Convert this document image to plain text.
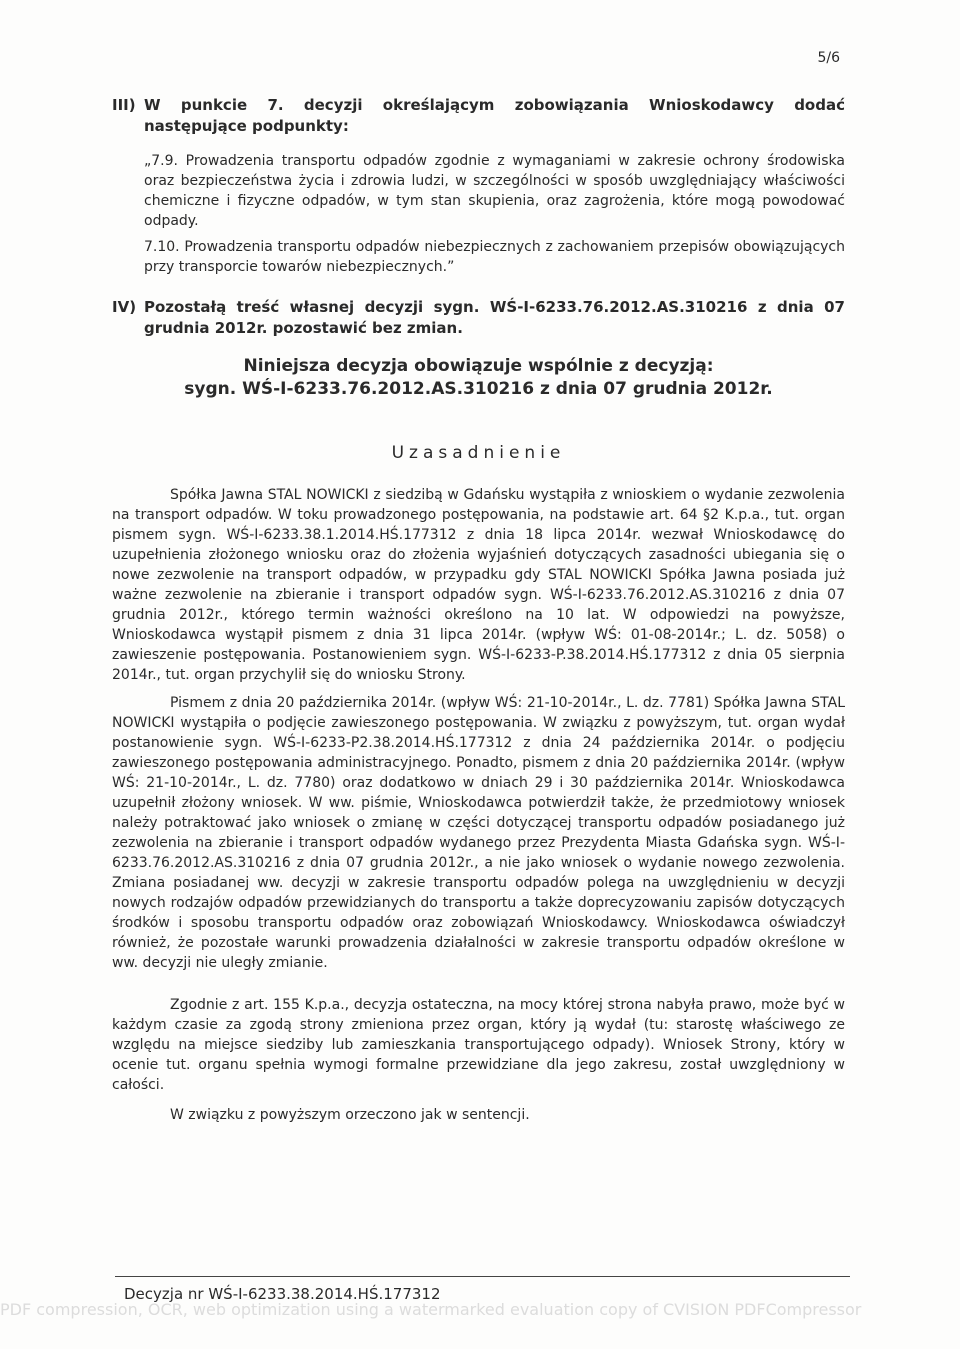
5/6
III) W punkcie 7. decyzji określającym zobowiązania Wnioskodawcy dodać następujące podpunkty:

„7.9. Prowadzenia transportu odpadów zgodnie z wymaganiami w zakresie ochrony środowiska oraz bezpieczeństwa życia i zdrowia ludzi, w szczególności w sposób uwzględniający właściwości chemiczne i fizyczne odpadów, w tym stan skupienia, oraz zagrożenia, które mogą powodować odpady.

7.10. Prowadzenia transportu odpadów niebezpiecznych z zachowaniem przepisów obowiązujących przy transporcie towarów niebezpiecznych.”

IV) Pozostałą treść własnej decyzji sygn. WŚ-I-6233.76.2012.AS.310216 z dnia 07 grudnia 2012r. pozostawić bez zmian.
Niniejsza decyzja obowiązuje wspólnie z decyzją:
sygn. WŚ-I-6233.76.2012.AS.310216 z dnia 07 grudnia 2012r.
Uzasadnienie

Spółka Jawna STAL NOWICKI z siedzibą w Gdańsku wystąpiła z wnioskiem o wydanie zezwolenia na transport odpadów. W toku prowadzonego postępowania, na podstawie art. 64 §2 K.p.a., tut. organ pismem sygn. WŚ-I-6233.38.1.2014.HŚ.177312 z dnia 18 lipca 2014r. wezwał Wnioskodawcę do uzupełnienia złożonego wniosku oraz do złożenia wyjaśnień dotyczących zasadności ubiegania się o nowe zezwolenie na transport odpadów, w przypadku gdy STAL NOWICKI Spółka Jawna posiada już ważne zezwolenie na zbieranie i transport odpadów sygn. WŚ-I-6233.76.2012.AS.310216 z dnia 07 grudnia 2012r., którego termin ważności określono na 10 lat. W odpowiedzi na powyższe, Wnioskodawca wystąpił pismem z dnia 31 lipca 2014r. (wpływ WŚ: 01-08-2014r.; L. dz. 5058) o zawieszenie postępowania. Postanowieniem sygn. WŚ-I-6233-P.38.2014.HŚ.177312 z dnia 05 sierpnia 2014r., tut. organ przychylił się do wniosku Strony.

Pismem z dnia 20 października 2014r. (wpływ WŚ: 21-10-2014r., L. dz. 7781) Spółka Jawna STAL NOWICKI wystąpiła o podjęcie zawieszonego postępowania. W związku z powyższym, tut. organ wydał postanowienie sygn. WŚ-I-6233-P2.38.2014.HŚ.177312 z dnia 24 października 2014r. o podjęciu zawieszonego postępowania administracyjnego. Ponadto, pismem z dnia 20 października 2014r. (wpływ WŚ: 21-10-2014r., L. dz. 7780) oraz dodatkowo w dniach 29 i 30 października 2014r. Wnioskodawca uzupełnił złożony wniosek. W ww. piśmie, Wnioskodawca potwierdził także, że przedmiotowy wniosek należy potraktować jako wniosek o zmianę w części dotyczącej transportu odpadów posiadanego już zezwolenia na zbieranie i transport odpadów wydanego przez Prezydenta Miasta Gdańska sygn. WŚ-I-6233.76.2012.AS.310216 z dnia 07 grudnia 2012r., a nie jako wniosek o wydanie nowego zezwolenia. Zmiana posiadanej ww. decyzji w zakresie transportu odpadów polega na uwzględnieniu w decyzji nowych rodzajów odpadów przewidzianych do transportu a także doprecyzowaniu zapisów dotyczących środków i sposobu transportu odpadów oraz zobowiązań Wnioskodawcy. Wnioskodawca oświadczył również, że pozostałe warunki prowadzenia działalności w zakresie transportu odpadów określone w ww. decyzji nie uległy zmianie.

Zgodnie z art. 155 K.p.a., decyzja ostateczna, na mocy której strona nabyła prawo, może być w każdym czasie za zgodą strony zmieniona przez organ, który ją wydał (tu: starostę właściwego ze względu na miejsce siedziby lub zamieszkania transportującego odpady). Wniosek Strony, który w ocenie tut. organu spełnia wymogi formalne przewidziane dla jego zakresu, został uwzględniony w całości.

W związku z powyższym orzeczono jak w sentencji.

Decyzja nr WŚ-I-6233.38.2014.HŚ.177312
PDF compression, OCR, web optimization using a watermarked evaluation copy of CVISION PDFCompressor
